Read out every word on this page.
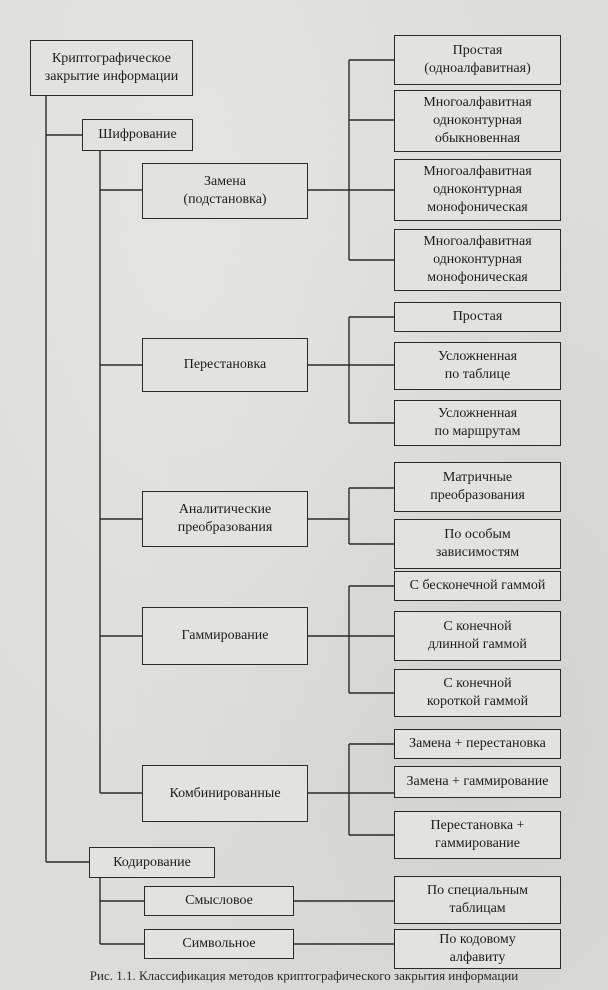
Криптографическое
закрытие информации
Шифрование
Замена
(подстановка)
Простая
(одноалфавитная)
Многоалфавитная
одноконтурная
обыкновенная
Многоалфавитная
одноконтурная
монофоническая
Многоалфавитная
одноконтурная
монофоническая
Перестановка
Простая
Усложненная
по таблице
Усложненная
по маршрутам
Аналитические
преобразования
Матричные
преобразования
По особым
зависимостям
Гаммирование
С бесконечной гаммой
С конечной
длинной гаммой
С конечной
короткой гаммой
Комбинированные
Замена + перестановка
Замена + гаммирование
Перестановка +
гаммирование
Кодирование
Смысловое
По специальным
таблицам
Символьное	По кодовому
алфавиту
Рис. 1.1. Классификация методов криптографического закрытия информации
